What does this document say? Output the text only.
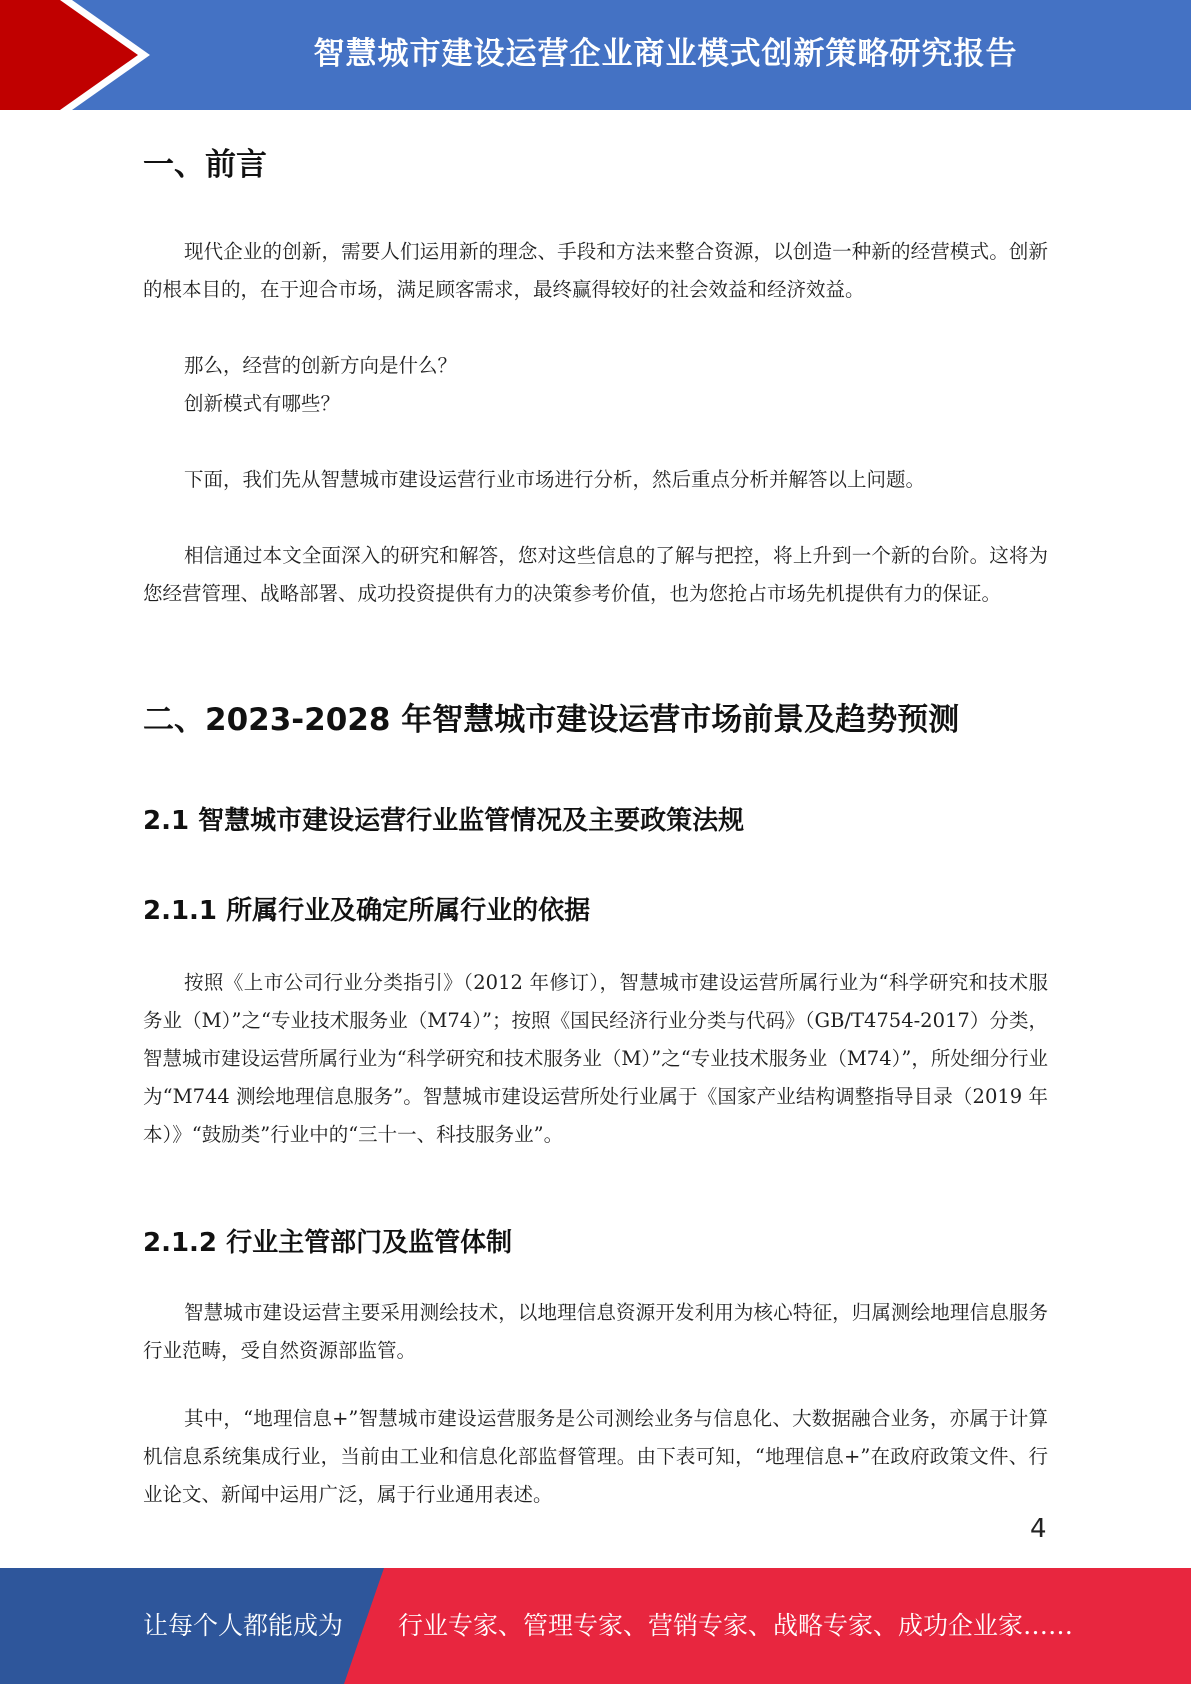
智慧城市建设运营企业商业模式创新策略研究报告
一、前言

现代企业的创新，需要人们运用新的理念、手段和方法来整合资源，以创造一种新的经营模式。创新的根本目的，在于迎合市场，满足顾客需求，最终赢得较好的社会效益和经济效益。

那么，经营的创新方向是什么？

创新模式有哪些？

下面，我们先从智慧城市建设运营行业市场进行分析，然后重点分析并解答以上问题。

相信通过本文全面深入的研究和解答，您对这些信息的了解与把控，将上升到一个新的台阶。这将为您经营管理、战略部署、成功投资提供有力的决策参考价值，也为您抢占市场先机提供有力的保证。

二、2023-2028 年智慧城市建设运营市场前景及趋势预测
2.1 智慧城市建设运营行业监管情况及主要政策法规
2.1.1 所属行业及确定所属行业的依据

按照《上市公司行业分类指引》（2012 年修订），智慧城市建设运营所属行业为“科学研究和技术服务业（M）”之“专业技术服务业（M74）”；按照《国民经济行业分类与代码》（GB/T4754-2017）分类，智慧城市建设运营所属行业为“科学研究和技术服务业（M）”之“专业技术服务业（M74）”，所处细分行业为“M744 测绘地理信息服务”。智慧城市建设运营所处行业属于《国家产业结构调整指导目录（2019 年本）》“鼓励类”行业中的“三十一、科技服务业”。

2.1.2 行业主管部门及监管体制

智慧城市建设运营主要采用测绘技术，以地理信息资源开发利用为核心特征，归属测绘地理信息服务行业范畴，受自然资源部监管。

其中，“地理信息+”智慧城市建设运营服务是公司测绘业务与信息化、大数据融合业务，亦属于计算机信息系统集成行业，当前由工业和信息化部监督管理。由下表可知，“地理信息+”在政府政策文件、行业论文、新闻中运用广泛，属于行业通用表述。

4
让每个人都能成为 行业专家、管理专家、营销专家、战略专家、成功企业家……
